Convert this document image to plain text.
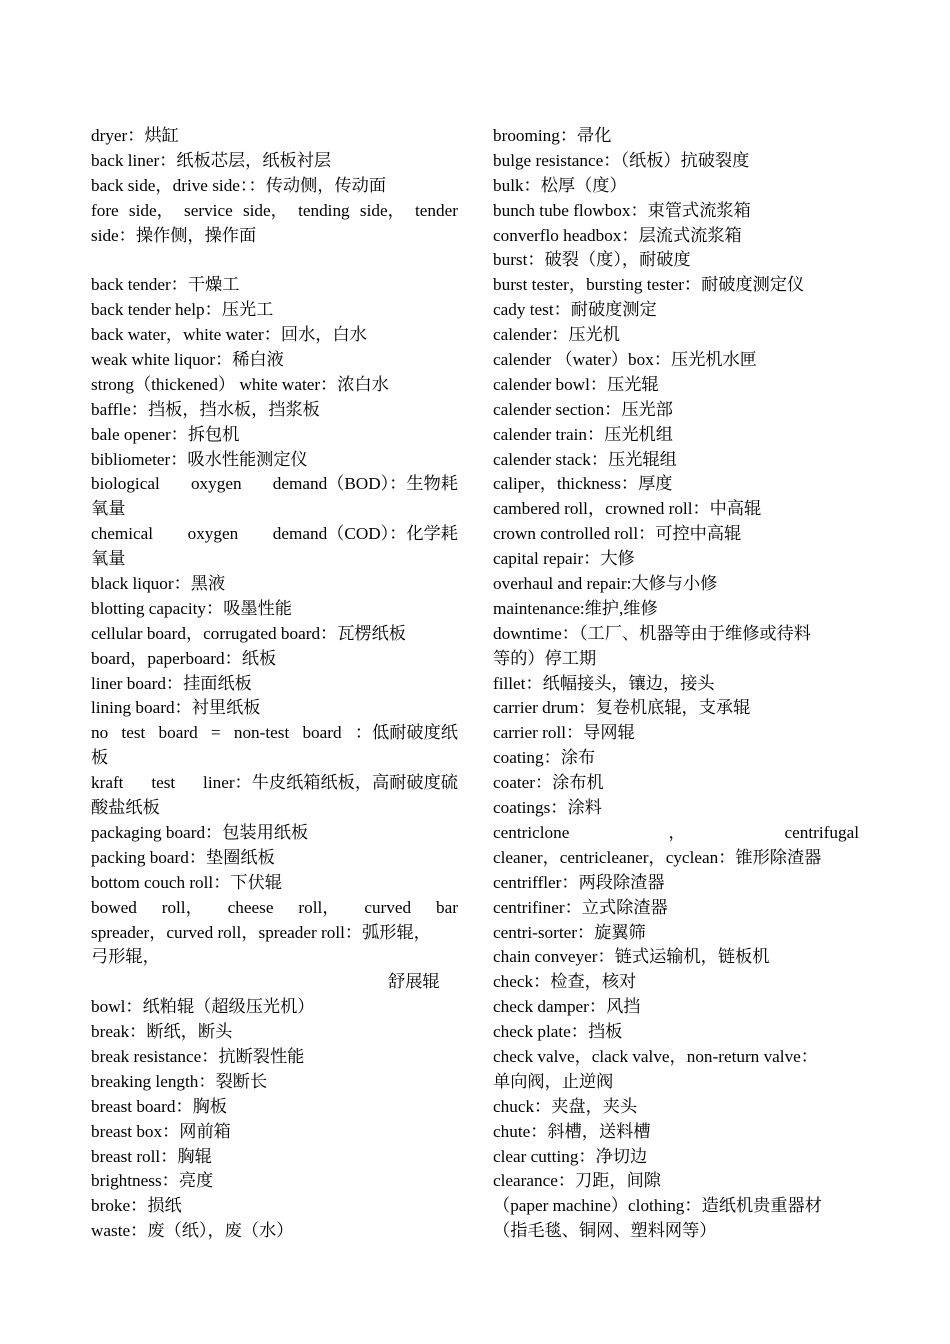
dryer：烘缸
back liner：纸板芯层，纸板衬层
back side，drive side：：传动侧，传动面
fore side， service side， tending side， tender
side：操作侧，操作面
back tender：干燥工
back tender help：压光工
back water，white water：回水，白水
weak white liquor：稀白液
strong（thickened） white water：浓白水
baffle：挡板，挡水板，挡浆板
bale opener：拆包机
bibliometer：吸水性能测定仪
biological oxygen demand（BOD）：生物耗
氧量
chemical oxygen demand（COD）：化学耗
氧量
black liquor：黑液
blotting capacity：吸墨性能
cellular board，corrugated board：瓦楞纸板
board，paperboard：纸板
liner board：挂面纸板
lining board：衬里纸板
no test board = non-test board ：低耐破度纸
板
kraft test liner：牛皮纸箱纸板，高耐破度硫
酸盐纸板
packaging board：包装用纸板
packing board：垫圈纸板
bottom couch roll：下伏辊
bowed roll， cheese roll， curved bar
spreader，curved roll，spreader roll：弧形辊，
弓形辊，
舒展辊
bowl：纸粕辊（超级压光机）
break：断纸，断头
break resistance：抗断裂性能
breaking length：裂断长
breast board：胸板
breast box：网前箱
breast roll：胸辊
brightness：亮度
broke：损纸
waste：废（纸），废（水）
brooming：帚化
bulge resistance：（纸板）抗破裂度
bulk：松厚（度）
bunch tube flowbox：束管式流浆箱
converflo headbox：层流式流浆箱
burst：破裂（度），耐破度
burst tester，bursting tester：耐破度测定仪
cady test：耐破度测定
calender：压光机
calender （water）box：压光机水匣
calender bowl：压光辊
calender section：压光部
calender train：压光机组
calender stack：压光辊组
caliper，thickness：厚度
cambered roll，crowned roll：中高辊
crown controlled roll：可控中高辊
capital repair：大修
overhaul and repair:大修与小修
maintenance:维护,维修
downtime：（工厂、机器等由于维修或待料
等的）停工期
fillet：纸幅接头，镶边，接头
carrier drum：复卷机底辊，支承辊
carrier roll：导网辊
coating：涂布
coater：涂布机
coatings：涂料
centriclone	，	centrifugal
cleaner，centricleaner，cyclean：锥形除渣器
centriffler：两段除渣器
centrifiner：立式除渣器
centri-sorter：旋翼筛
chain conveyer：链式运输机，链板机
check：检查，核对
check damper：风挡
check plate：挡板
check valve，clack valve，non-return valve：
单向阀，止逆阀
chuck：夹盘，夹头
chute：斜槽，送料槽
clear cutting：净切边
clearance：刀距，间隙
（paper machine）clothing：造纸机贵重器材
（指毛毯、铜网、塑料网等）
